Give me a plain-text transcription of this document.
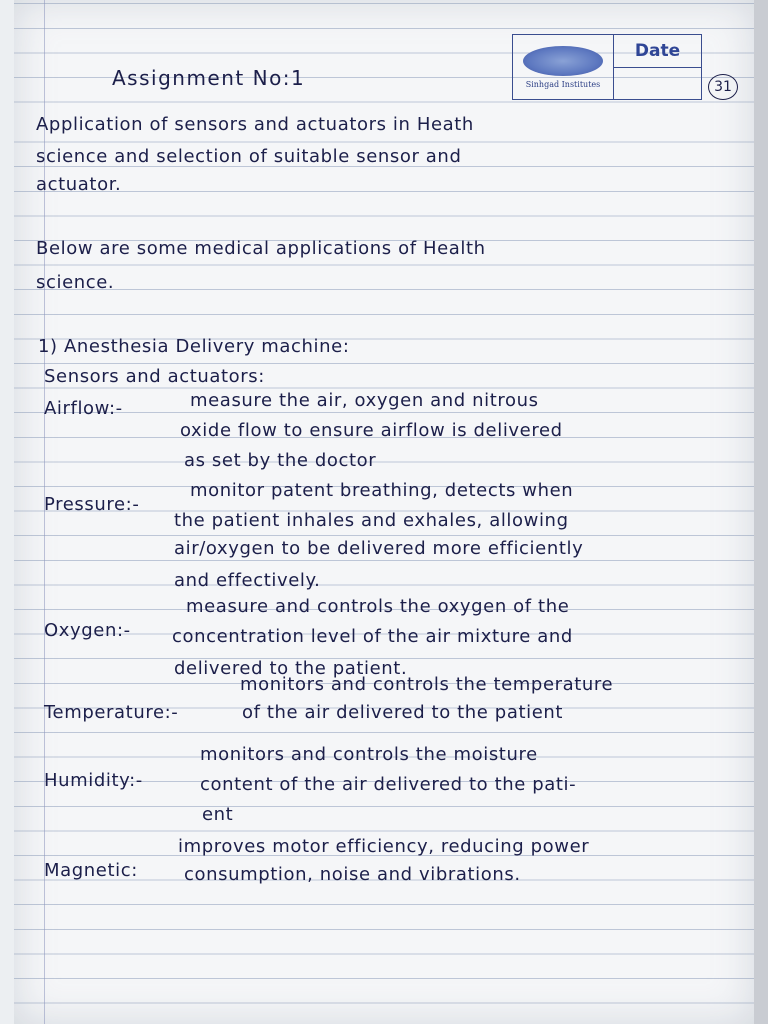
Assignment No:1	Sinhgad Institutes
Date
31
Application of sensors and actuators in Heath
science and selection of suitable sensor and
actuator.
Below are some medical applications of Health
science.
1) Anesthesia Delivery machine:
Sensors and actuators:
Airflow:-	measure the air, oxygen and nitrous
oxide flow to ensure airflow is delivered
as set by the doctor
Pressure:-
monitor patent breathing, detects when
the patient inhales and exhales, allowing
air/oxygen to be delivered more efficiently
and effectively.
Oxygen:-
measure and controls the oxygen of the
concentration level of the air mixture and
delivered to the patient.
Temperature:-
monitors and controls the temperature
of the air delivered to the patient
Humidity:-
monitors and controls the moisture
content of the air delivered to the pati-
ent
Magnetic:
improves motor efficiency, reducing power
consumption, noise and vibrations.
